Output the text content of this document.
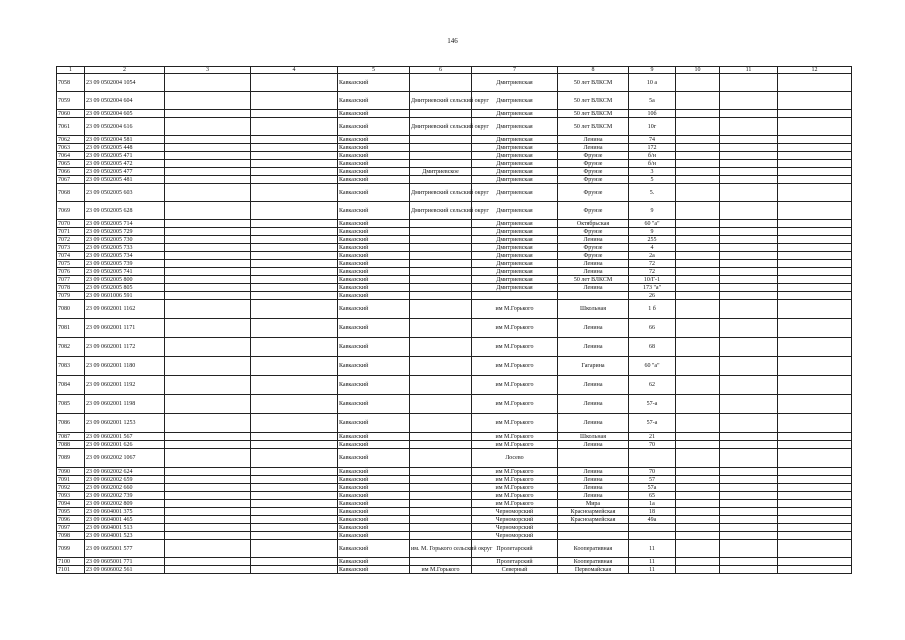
146
1	2	3	4	5	6	7	8	9	10	11	12
7058	23 09 0502004 1054			Кавказский		Дмитриевская	50 лет ВЛКСМ	10 а			
7059	23 09 0502004 604			Кавказский	Дмитриевский сельский округ	Дмитриевская	50 лет ВЛКСМ	5а			
7060	23 09 0502004 605			Кавказский		Дмитриевская	50 лет ВЛКСМ	10б			
7061	23 09 0502004 616			Кавказский	Дмитриевский сельский округ	Дмитриевская	50 лет ВЛКСМ	10г			
7062	23 09 0502004 581			Кавказский		Дмитриевская	Ленина	74			
7063	23 09 0502005 448			Кавказский		Дмитриевская	Ленина	172			
7064	23 09 0502005 471			Кавказский		Дмитриевская	Фрунзе	б/н			
7065	23 09 0502005 472			Кавказский		Дмитриевская	Фрунзе	б/н			
7066	23 09 0502005 477			Кавказский	Дмитриевское	Дмитриевская	Фрунзе	3			
7067	23 09 0502005 481			Кавказский		Дмитриевская	Фрунзе	5			
7068	23 09 0502005 603			Кавказский	Дмитриевский сельский округ	Дмитриевская	Фрунзе	5.			
7069	23 09 0502005 628			Кавказский	Дмитриевский сельский округ	Дмитриевская	Фрунзе	9			
7070	23 09 0502005 714			Кавказский		Дмитриевская	Октябрьская	60 "а"			
7071	23 09 0502005 729			Кавказский		Дмитриевская	Фрунзе	9			
7072	23 09 0502005 730			Кавказский		Дмитриевская	Ленина	255			
7073	23 09 0502005 733			Кавказский		Дмитриевская	Фрунзе	4			
7074	23 09 0502005 734			Кавказский		Дмитриевская	Фрунзе	2а			
7075	23 09 0502005 739			Кавказский		Дмитриевская	Ленина	72			
7076	23 09 0502005 741			Кавказский		Дмитриевская	Ленина	72			
7077	23 09 0502005 800			Кавказский		Дмитриевская	50 лет ВЛКСМ	10/Г-1			
7078	23 09 0502005 805			Кавказский		Дмитриевская	Ленина	173 "а"			
7079	23 09 0601006 591			Кавказский				26			
7080	23 09 0602001 1162			Кавказский		им М.Горького	Школьная	1 б			
7081	23 09 0602001 1171			Кавказский		им М.Горького	Ленина	66			
7082	23 09 0602001 1172			Кавказский		им М.Горького	Ленина	68			
7083	23 09 0602001 1180			Кавказский		им М.Горького	Гагарина	60 "а"			
7084	23 09 0602001 1192			Кавказский		им М.Горького	Ленина	62			
7085	23 09 0602001 1198			Кавказский		им М.Горького	Ленина	57-а			
7086	23 09 0602001 1253			Кавказский		им М.Горького	Ленина	57-а			
7087	23 09 0602001 567			Кавказский		им М.Горького	Школьная	21			
7088	23 09 0602001 626			Кавказский		им М.Горького	Ленина	70			
7089	23 09 0602002 1067			Кавказский		Лосево					
7090	23 09 0602002 624			Кавказский		им М.Горького	Ленина	70			
7091	23 09 0602002 659			Кавказский		им М.Горького	Ленина	57			
7092	23 09 0602002 660			Кавказский		им М.Горького	Ленина	57а			
7093	23 09 0602002 739			Кавказский		им М.Горького	Ленина	65			
7094	23 09 0602002 809			Кавказский		им М.Горького	Мира	1а			
7095	23 09 0604001 375			Кавказский		Черноморский	Красноармейская	18			
7096	23 09 0604001 465			Кавказский		Черноморский	Красноармейская	49а			
7097	23 09 0604001 513			Кавказский		Черноморский					
7098	23 09 0604001 523			Кавказский		Черноморский					
7099	23 09 0605001 577			Кавказский	им. М. Горького сельский округ	Пролетарский	Кооперативная	11			
7100	23 09 0605001 771			Кавказский		Пролетарский	Кооперативная	11			
7101	23 09 0606002 561			Кавказский	им М.Горького	Северный	Первомайская	11			
